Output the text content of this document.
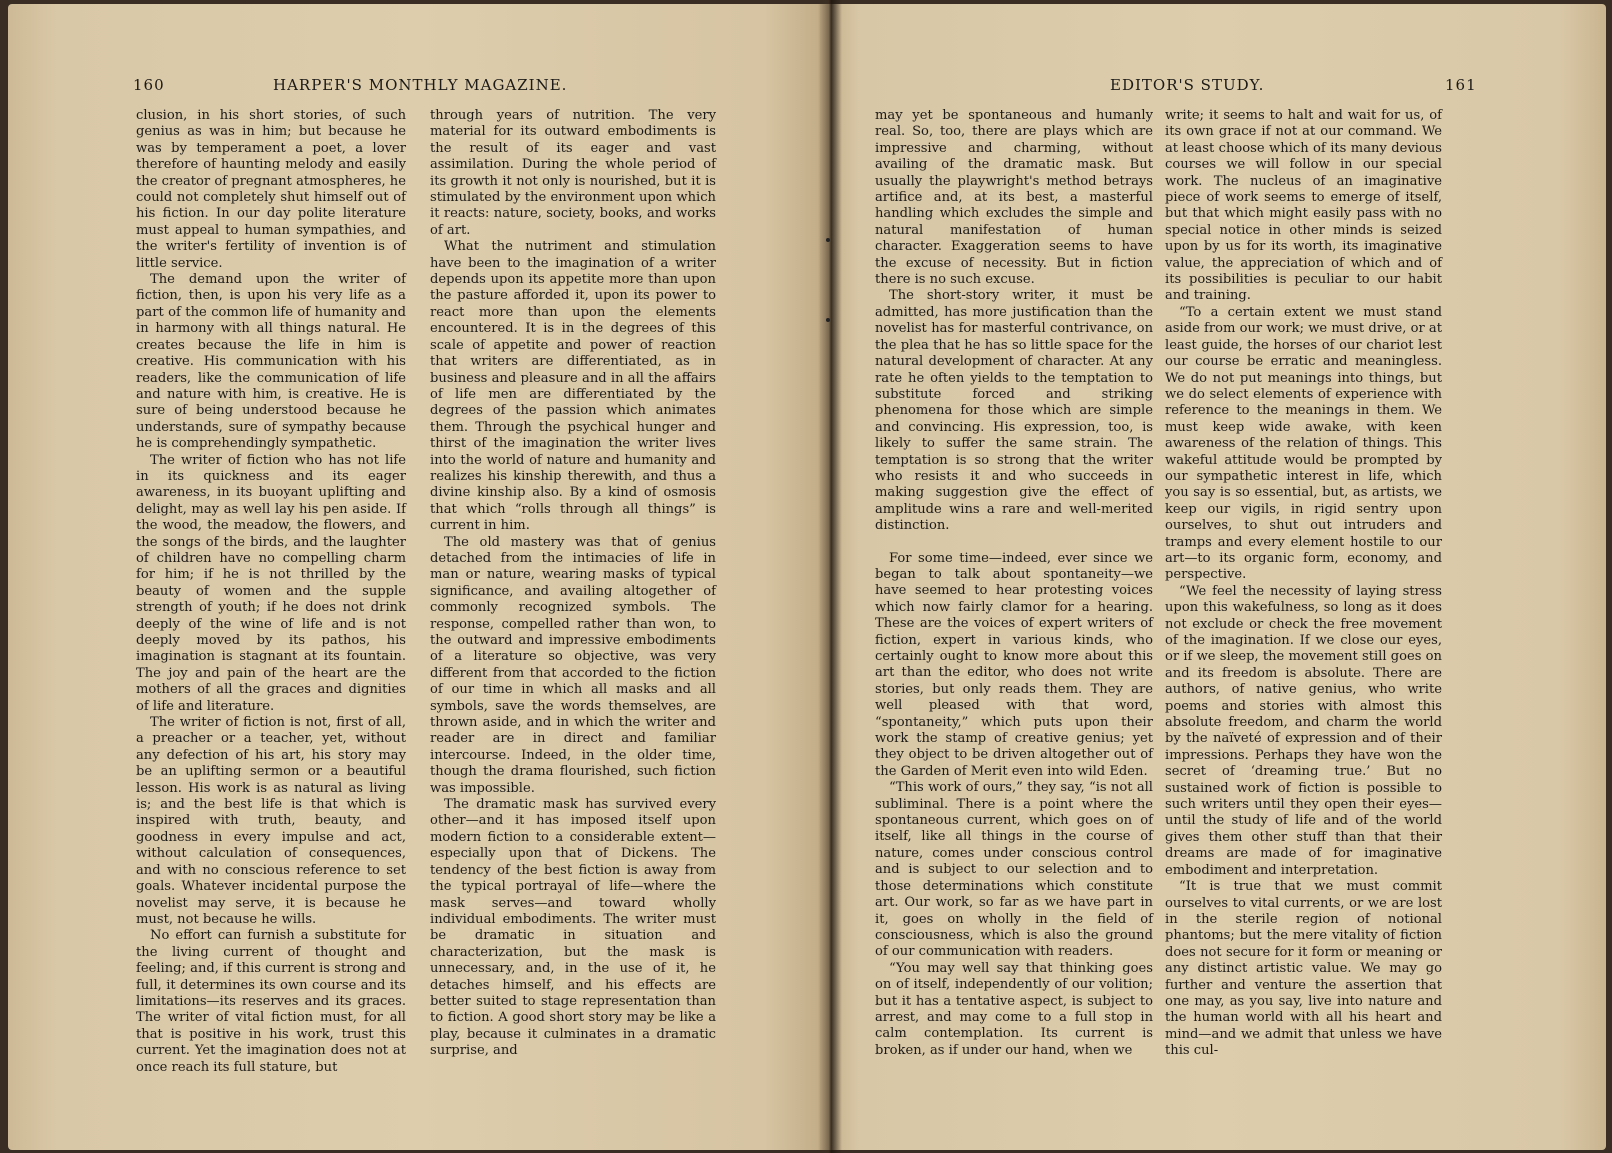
160	HARPER'S MONTHLY MAGAZINE.

clusion, in his short stories, of such genius as was in him; but because he was by temperament a poet, a lover therefore of haunting melody and easily the creator of pregnant atmospheres, he could not completely shut himself out of his fiction. In our day polite literature must appeal to human sympathies, and the writer's fertility of invention is of little service.

The demand upon the writer of fiction, then, is upon his very life as a part of the common life of humanity and in harmony with all things natural. He creates because the life in him is creative. His communication with his readers, like the communication of life and nature with him, is creative. He is sure of being understood because he understands, sure of sympathy because he is comprehendingly sympathetic.

The writer of fiction who has not life in its quickness and its eager awareness, in its buoyant uplifting and delight, may as well lay his pen aside. If the wood, the meadow, the flowers, and the songs of the birds, and the laughter of children have no compelling charm for him; if he is not thrilled by the beauty of women and the supple strength of youth; if he does not drink deeply of the wine of life and is not deeply moved by its pathos, his imagination is stagnant at its fountain. The joy and pain of the heart are the mothers of all the graces and dignities of life and literature.

The writer of fiction is not, first of all, a preacher or a teacher, yet, without any defection of his art, his story may be an uplifting sermon or a beautiful lesson. His work is as natural as living is; and the best life is that which is inspired with truth, beauty, and goodness in every impulse and act, without calculation of consequences, and with no conscious reference to set goals. Whatever incidental purpose the novelist may serve, it is because he must, not because he wills.

No effort can furnish a substitute for the living current of thought and feeling; and, if this current is strong and full, it determines its own course and its limitations—its reserves and its graces. The writer of vital fiction must, for all that is positive in his work, trust this current. Yet the imagination does not at once reach its full stature, but

through years of nutrition. The very material for its outward embodiments is the result of its eager and vast assimilation. During the whole period of its growth it not only is nourished, but it is stimulated by the environment upon which it reacts: nature, society, books, and works of art.

What the nutriment and stimulation have been to the imagination of a writer depends upon its appetite more than upon the pasture afforded it, upon its power to react more than upon the elements encountered. It is in the degrees of this scale of appetite and power of reaction that writers are differentiated, as in business and pleasure and in all the affairs of life men are differentiated by the degrees of the passion which animates them. Through the psychical hunger and thirst of the imagination the writer lives into the world of nature and humanity and realizes his kinship therewith, and thus a divine kinship also. By a kind of osmosis that which “rolls through all things” is current in him.

The old mastery was that of genius detached from the intimacies of life in man or nature, wearing masks of typical significance, and availing altogether of commonly recognized symbols. The response, compelled rather than won, to the outward and impressive embodiments of a literature so objective, was very different from that accorded to the fiction of our time in which all masks and all symbols, save the words themselves, are thrown aside, and in which the writer and reader are in direct and familiar intercourse. Indeed, in the older time, though the drama flourished, such fiction was impossible.

The dramatic mask has survived every other—and it has imposed itself upon modern fiction to a considerable extent—especially upon that of Dickens. The tendency of the best fiction is away from the typical portrayal of life—where the mask serves—and toward wholly individual embodiments. The writer must be dramatic in situation and characterization, but the mask is unnecessary, and, in the use of it, he detaches himself, and his effects are better suited to stage representation than to fiction. A good short story may be like a play, because it culminates in a dramatic surprise, and

EDITOR'S STUDY.	161

may yet be spontaneous and humanly real. So, too, there are plays which are impressive and charming, without availing of the dramatic mask. But usually the playwright's method betrays artifice and, at its best, a masterful handling which excludes the simple and natural manifestation of human character. Exaggeration seems to have the excuse of necessity. But in fiction there is no such excuse.

The short-story writer, it must be admitted, has more justification than the novelist has for masterful contrivance, on the plea that he has so little space for the natural development of character. At any rate he often yields to the temptation to substitute forced and striking phenomena for those which are simple and convincing. His expression, too, is likely to suffer the same strain. The temptation is so strong that the writer who resists it and who succeeds in making suggestion give the effect of amplitude wins a rare and well-merited distinction.

For some time—indeed, ever since we began to talk about spontaneity—we have seemed to hear protesting voices which now fairly clamor for a hearing. These are the voices of expert writers of fiction, expert in various kinds, who certainly ought to know more about this art than the editor, who does not write stories, but only reads them. They are well pleased with that word, “spontaneity,” which puts upon their work the stamp of creative genius; yet they object to be driven altogether out of the Garden of Merit even into wild Eden.

“This work of ours,” they say, “is not all subliminal. There is a point where the spontaneous current, which goes on of itself, like all things in the course of nature, comes under conscious control and is subject to our selection and to those determinations which constitute art. Our work, so far as we have part in it, goes on wholly in the field of consciousness, which is also the ground of our communication with readers.

“You may well say that thinking goes on of itself, independently of our volition; but it has a tentative aspect, is subject to arrest, and may come to a full stop in calm contemplation. Its current is broken, as if under our hand, when we

write; it seems to halt and wait for us, of its own grace if not at our command. We at least choose which of its many devious courses we will follow in our special work. The nucleus of an imaginative piece of work seems to emerge of itself, but that which might easily pass with no special notice in other minds is seized upon by us for its worth, its imaginative value, the appreciation of which and of its possibilities is peculiar to our habit and training.

“To a certain extent we must stand aside from our work; we must drive, or at least guide, the horses of our chariot lest our course be erratic and meaningless. We do not put meanings into things, but we do select elements of experience with reference to the meanings in them. We must keep wide awake, with keen awareness of the relation of things. This wakeful attitude would be prompted by our sympathetic interest in life, which you say is so essential, but, as artists, we keep our vigils, in rigid sentry upon ourselves, to shut out intruders and tramps and every element hostile to our art—to its organic form, economy, and perspective.

“We feel the necessity of laying stress upon this wakefulness, so long as it does not exclude or check the free movement of the imagination. If we close our eyes, or if we sleep, the movement still goes on and its freedom is absolute. There are authors, of native genius, who write poems and stories with almost this absolute freedom, and charm the world by the naïveté of expression and of their impressions. Perhaps they have won the secret of ‘dreaming true.’ But no sustained work of fiction is possible to such writers until they open their eyes—until the study of life and of the world gives them other stuff than that their dreams are made of for imaginative embodiment and interpretation.

“It is true that we must commit ourselves to vital currents, or we are lost in the sterile region of notional phantoms; but the mere vitality of fiction does not secure for it form or meaning or any distinct artistic value. We may go further and venture the assertion that one may, as you say, live into nature and the human world with all his heart and mind—and we admit that unless we have this cul-
